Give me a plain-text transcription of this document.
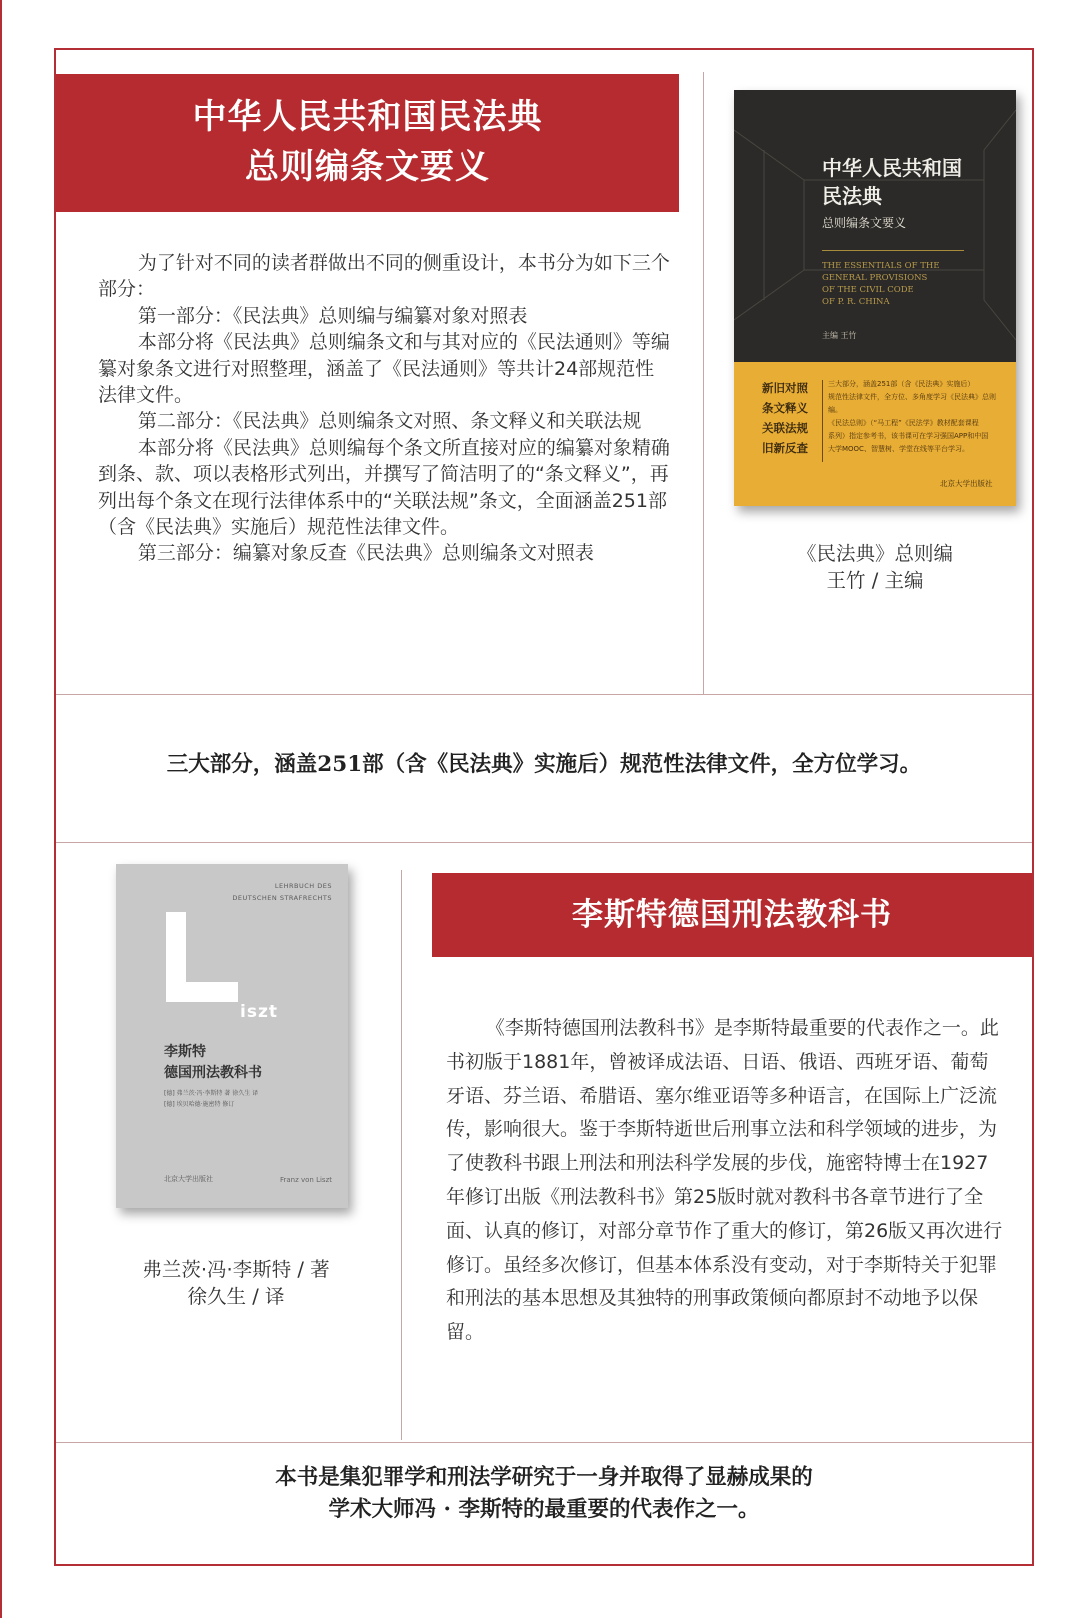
中华人民共和国民法典
总则编条文要义

为了针对不同的读者群做出不同的侧重设计，本书分为如下三个部分：

第一部分：《民法典》总则编与编纂对象对照表

本部分将《民法典》总则编条文和与其对应的《民法通则》等编纂对象条文进行对照整理，涵盖了《民法通则》等共计24部规范性法律文件。

第二部分：《民法典》总则编条文对照、条文释义和关联法规

本部分将《民法典》总则编每个条文所直接对应的编纂对象精确到条、款、项以表格形式列出，并撰写了简洁明了的“条文释义”，再列出每个条文在现行法律体系中的“关联法规”条文，全面涵盖251部（含《民法典》实施后）规范性法律文件。

第三部分：编纂对象反查《民法典》总则编条文对照表

中华人民共和国
民法典
总则编条文要义
THE ESSENTIALS OF THE
GENERAL PROVISIONS
OF THE CIVIL CODE
OF P. R. CHINA
主编 王竹
新旧对照
条文释义
关联法规
旧新反查
三大部分，涵盖251部（含《民法典》实施后）
规范性法律文件，全方位、多角度学习《民法典》总则编。
《民法总则》（“马工程”《民法学》教材配套课程
系列）指定参考书，该书课可在学习强国APP和中国
大学MOOC、智慧树、学堂在线等平台学习。
北京大学出版社
《民法典》总则编
王竹 / 主编
三大部分，涵盖251部（含《民法典》实施后）规范性法律文件，全方位学习。
LEHRBUCH DES
DEUTSCHEN STRAFRECHTS
iszt
李斯特
德国刑法教科书
[德] 弗兰茨·冯·李斯特 著 徐久生 译
[德] 埃贝哈德·施密特 修订
北京大学出版社	Franz von Liszt
弗兰茨·冯·李斯特 / 著
徐久生 / 译
李斯特德国刑法教科书

《李斯特德国刑法教科书》是李斯特最重要的代表作之一。此书初版于1881年，曾被译成法语、日语、俄语、西班牙语、葡萄牙语、芬兰语、希腊语、塞尔维亚语等多种语言，在国际上广泛流传，影响很大。鉴于李斯特逝世后刑事立法和科学领域的进步，为了使教科书跟上刑法和刑法科学发展的步伐，施密特博士在1927年修订出版《刑法教科书》第25版时就对教科书各章节进行了全面、认真的修订，对部分章节作了重大的修订，第26版又再次进行修订。虽经多次修订，但基本体系没有变动，对于李斯特关于犯罪和刑法的基本思想及其独特的刑事政策倾向都原封不动地予以保留。

本书是集犯罪学和刑法学研究于一身并取得了显赫成果的
学术大师冯 · 李斯特的最重要的代表作之一。
